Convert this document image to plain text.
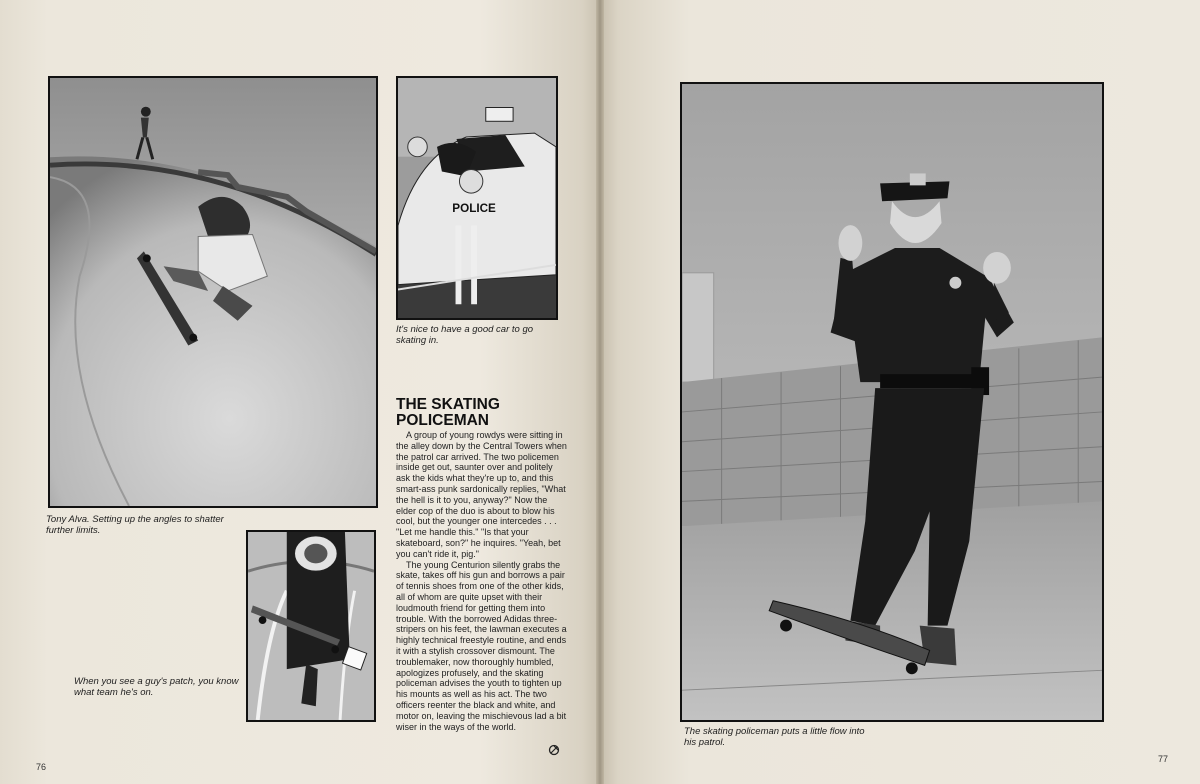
Tony Alva. Setting up the angles to shatter further limits.
POLICE
It's nice to have a good car to go skating in.
When you see a guy's patch, you know what team he's on.
THE SKATING POLICEMAN

A group of young rowdys were sitting in the alley down by the Central Towers when the patrol car arrived. The two policemen inside get out, saunter over and politely ask the kids what they're up to, and this smart-ass punk sardonically replies, "What the hell is it to you, anyway?" Now the elder cop of the duo is about to blow his cool, but the younger one intercedes . . . "Let me handle this." "Is that your skateboard, son?" he inquires. "Yeah, bet you can't ride it, pig."

The young Centurion silently grabs the skate, takes off his gun and borrows a pair of tennis shoes from one of the other kids, all of whom are quite upset with their loudmouth friend for getting them into trouble. With the borrowed Adidas three-stripers on his feet, the lawman executes a highly technical freestyle routine, and ends it with a stylish crossover dismount. The troublemaker, now thoroughly humbled, apologizes profusely, and the skating policeman advises the youth to tighten up his mounts as well as his act. The two officers reenter the black and white, and motor on, leaving the mischievous lad a bit wiser in the ways of the world.

76
The skating policeman puts a little flow into his patrol.
77
